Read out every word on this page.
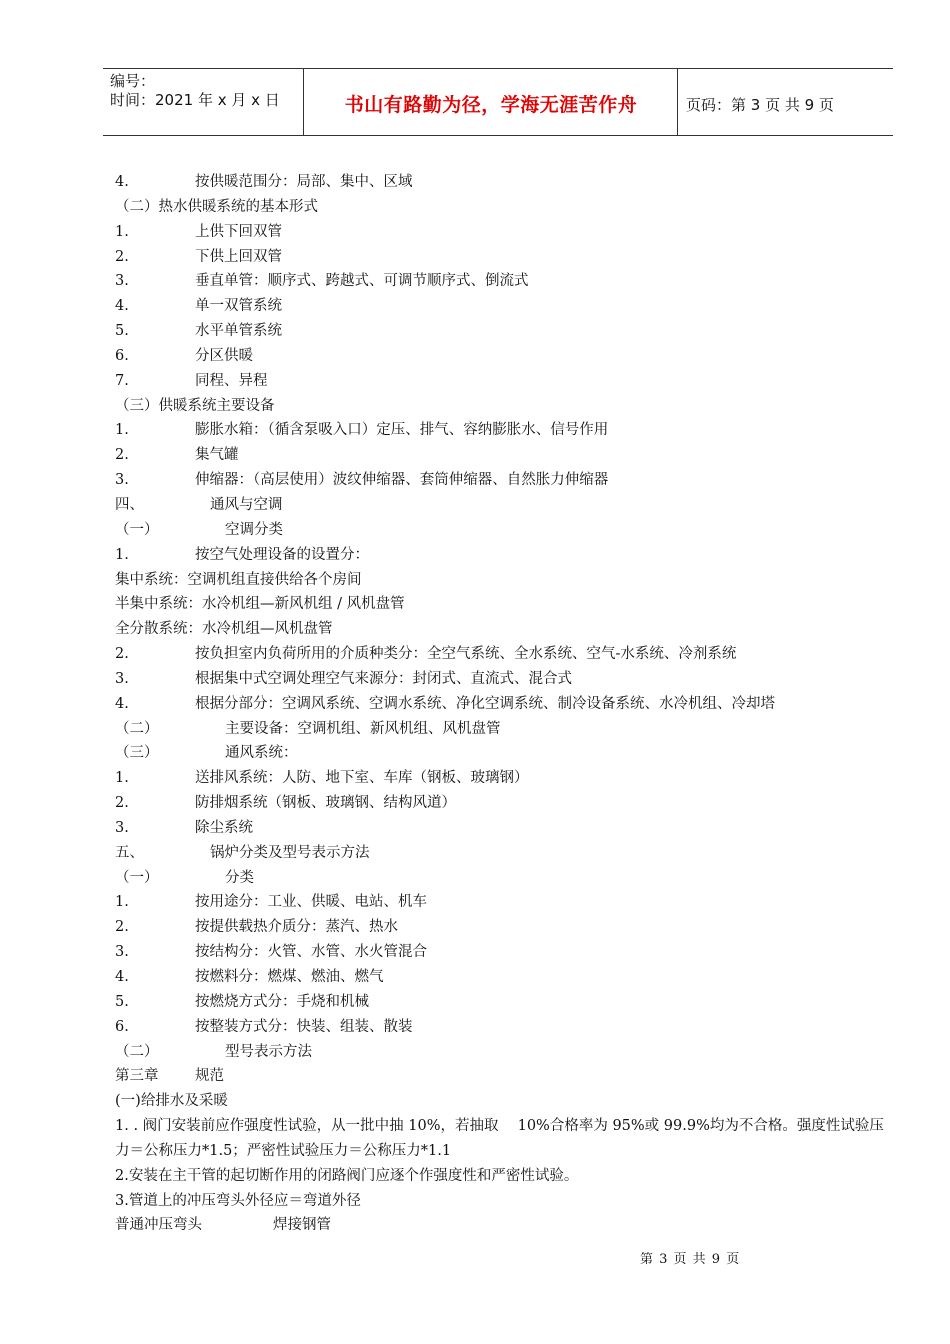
编号：
时间：2021 年 x 月 x 日	书山有路勤为径，学海无涯苦作舟	页码：第 3 页 共 9 页
4.	按供暖范围分：局部、集中、区域
（二）热水供暖系统的基本形式
1.	上供下回双管
2.	下供上回双管
3.	垂直单管：顺序式、跨越式、可调节顺序式、倒流式
4.	单一双管系统
5.	水平单管系统
6.	分区供暖
7.	同程、异程
（三）供暖系统主要设备
1.	膨胀水箱：（循含泵吸入口）定压、排气、容纳膨胀水、信号作用
2.	集气罐
3.	伸缩器：（高层使用）波纹伸缩器、套筒伸缩器、自然胀力伸缩器
四、	通风与空调
（一）	空调分类
1.	按空气处理设备的设置分：
集中系统：空调机组直接供给各个房间
半集中系统：水冷机组—新风机组 / 风机盘管
全分散系统：水冷机组—风机盘管
2.	按负担室内负荷所用的介质种类分：全空气系统、全水系统、空气-水系统、冷剂系统
3.	根据集中式空调处理空气来源分：封闭式、直流式、混合式
4.	根据分部分：空调风系统、空调水系统、净化空调系统、制冷设备系统、水冷机组、冷却塔
（二）	主要设备：空调机组、新风机组、风机盘管
（三）	通风系统：
1.	送排风系统：人防、地下室、车库（钢板、玻璃钢）
2.	防排烟系统（钢板、玻璃钢、结构风道）
3.	除尘系统
五、	锅炉分类及型号表示方法
（一）	分类
1.	按用途分：工业、供暖、电站、机车
2.	按提供载热介质分：蒸汽、热水
3.	按结构分：火管、水管、水火管混合
4.	按燃料分：燃煤、燃油、燃气
5.	按燃烧方式分：手烧和机械
6.	按整装方式分：快装、组装、散装
（二）	型号表示方法
第三章	规范
(一)给排水及采暖
1. . 阀门安装前应作强度性试验，从一批中抽 10%，若抽取　 10%合格率为 95%或 99.9%均为不合格。强度性试验压力＝公称压力*1.5；严密性试验压力＝公称压力*1.1
2.安装在主干管的起切断作用的闭路阀门应逐个作强度性和严密性试验。
3.管道上的冲压弯头外径应＝弯道外径
普通冲压弯头	焊接钢管
第 3 页 共 9 页
